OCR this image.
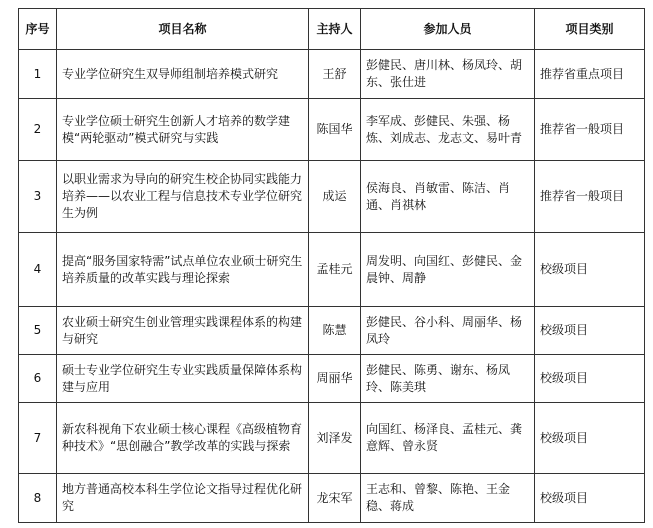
序号	项目名称	主持人	参加人员	项目类别
1	专业学位研究生双导师组制培养模式研究	王舒	彭健民、唐川林、杨凤玲、胡东、张仕进	推荐省重点项目
2	专业学位硕士研究生创新人才培养的数学建模“两轮驱动”模式研究与实践	陈国华	李军成、彭健民、朱强、杨炼、刘成志、龙志文、易叶青	推荐省一般项目
3	以职业需求为导向的研究生校企协同实践能力培养——以农业工程与信息技术专业学位研究生为例	成运	侯海良、肖敏雷、陈洁、肖通、肖祺林	推荐省一般项目
4	提高“服务国家特需”试点单位农业硕士研究生培养质量的改革实践与理论探索	孟桂元	周发明、向国红、彭健民、金晨钟、周静	校级项目
5	农业硕士研究生创业管理实践课程体系的构建与研究	陈慧	彭健民、谷小科、周丽华、杨凤玲	校级项目
6	硕士专业学位研究生专业实践质量保障体系构建与应用	周丽华	彭健民、陈勇、谢东、杨凤玲、陈美琪	校级项目
7	新农科视角下农业硕士核心课程《高级植物育种技术》“思创融合”教学改革的实践与探索	刘泽发	向国红、杨泽良、孟桂元、龚意辉、曾永贤	校级项目
8	地方普通高校本科生学位论文指导过程优化研究	龙宋军	王志和、曾黎、陈艳、王金稳、蒋成	校级项目
